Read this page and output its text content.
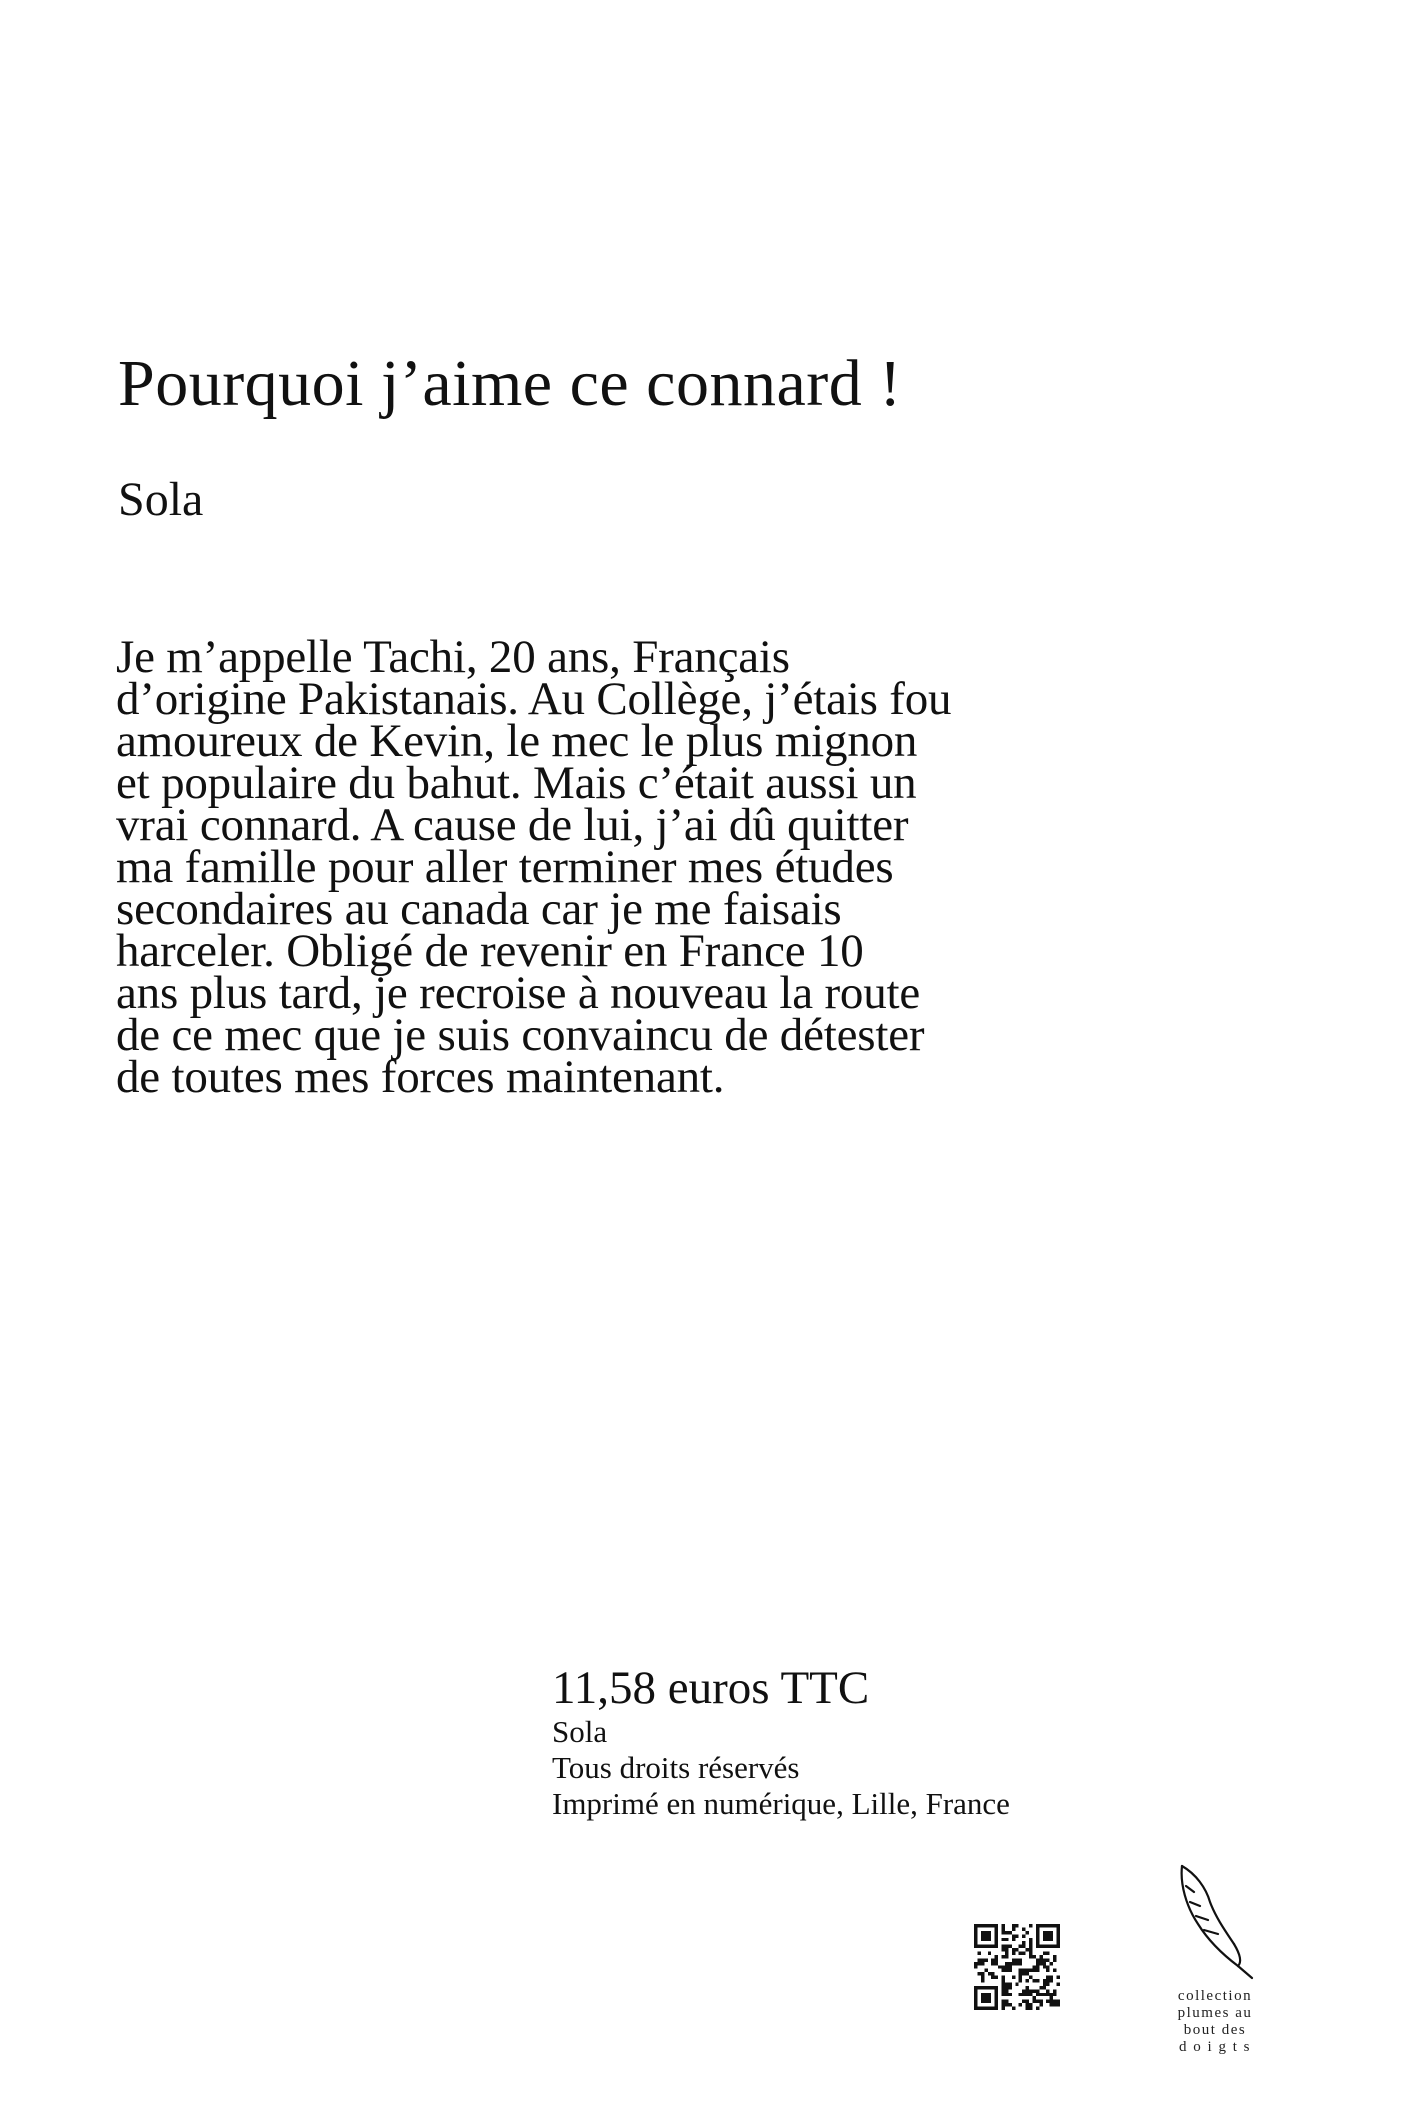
Pourquoi j’aime ce connard !
Sola
Je m’appelle Tachi, 20 ans, Français
d’origine Pakistanais. Au Collège, j’étais fou
amoureux de Kevin, le mec le plus mignon
et populaire du bahut. Mais c’était aussi un
vrai connard. A cause de lui, j’ai dû quitter
ma famille pour aller terminer mes études
secondaires au canada car je me faisais
harceler. Obligé de revenir en France 10
ans plus tard, je recroise à nouveau la route
de ce mec que je suis convaincu de détester
de toutes mes forces maintenant.
11,58 euros TTC
Sola
Tous droits réservés
Imprimé en numérique, Lille, France
collection
plumes au
bout des
d o i g t s
